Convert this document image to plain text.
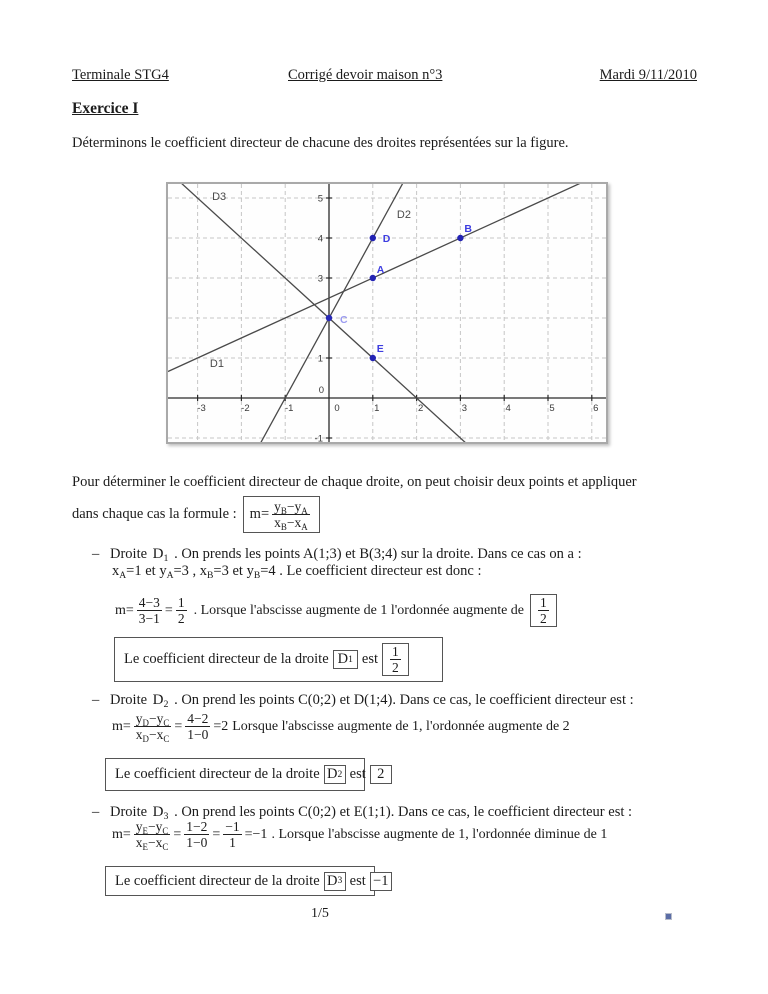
Terminale STG4	Corrigé devoir maison n°3	Mardi 9/11/2010
Exercice I
Déterminons le coefficient directeur de chacune des droites représentées sur la figure.
-3	-2	-1	0	1	2	3	4	5	6
5
4
3
1
0
-1
D1
D2
D3
A
B
C
D
E
Pour déterminer le coefficient directeur de chaque droite, on peut choisir deux points et appliquer
dans chaque cas la formule : $m= \frac{y_B-y_A}{x_B-x_A}$
– Droite $D_1$ . On prends les points A(1;3) et B(3;4) sur la droite. Dans ce cas on a :
$x_A=1$ et $y_A=3$ , $x_B=3$ et $y_B=4$ . Le coefficient directeur est donc :
$m= \frac{4-3}{3-1} = \frac{1}{2}$ . Lorsque l'abscisse augmente de 1 l'ordonnée augmente de $\frac{1}{2}$
Le coefficient directeur de la droite D 1 est $\frac{1}{2}$
– Droite $D_2$ . On prend les points C(0;2) et D(1;4). Dans ce cas, le coefficient directeur est :
$m= \frac{y_D-y_C}{x_D-x_C} = \frac{4-2}{1-0} =2$ Lorsque l'abscisse augmente de 1, l'ordonnée augmente de 2
Le coefficient directeur de la droite D 2 est 2
– Droite $D_3$ . On prend les points C(0;2) et E(1;1). Dans ce cas, le coefficient directeur est :
$m= \frac{y_E-y_C}{x_E-x_C} = \frac{1-2}{1-0} = \frac{-1}{1} =-1$ . Lorsque l'abscisse augmente de 1, l'ordonnée diminue de 1
Le coefficient directeur de la droite D 3 est −1
1/5
